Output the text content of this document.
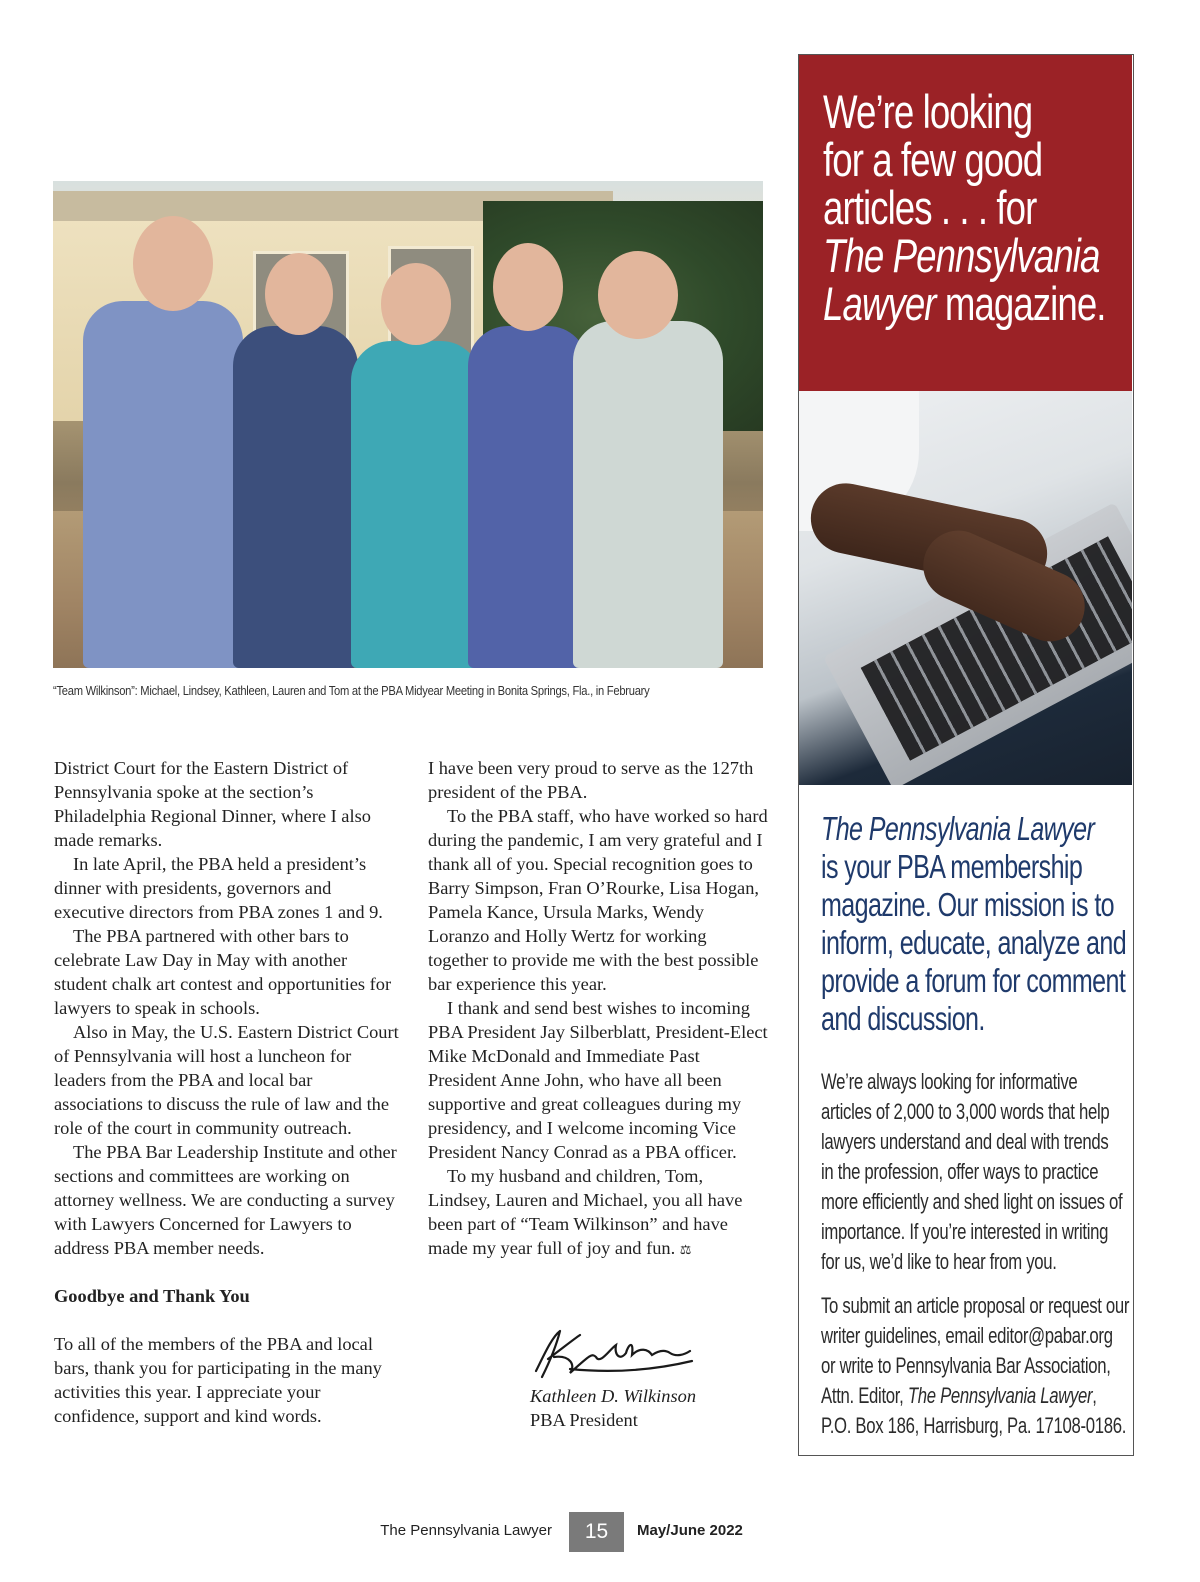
“Team Wilkinson”: Michael, Lindsey, Kathleen, Lauren and Tom at the PBA Midyear Meeting in Bonita Springs, Fla., in February

District Court for the Eastern District of Pennsylvania spoke at the section’s Philadelphia Regional Dinner, where I also made remarks.

In late April, the PBA held a president’s dinner with presidents, governors and executive directors from PBA zones 1 and 9.

The PBA partnered with other bars to celebrate Law Day in May with another student chalk art contest and opportunities for lawyers to speak in schools.

Also in May, the U.S. Eastern District Court of Pennsylvania will host a luncheon for leaders from the PBA and local bar associations to discuss the rule of law and the role of the court in community outreach.

The PBA Bar Leadership Institute and other sections and committees are working on attorney wellness. We are conducting a survey with Lawyers Concerned for Lawyers to address PBA member needs.

Goodbye and Thank You

To all of the members of the PBA and local bars, thank you for participating in the many activities this year. I appreciate your confidence, support and kind words.

I have been very proud to serve as the 127th president of the PBA.

To the PBA staff, who have worked so hard during the pandemic, I am very grateful and I thank all of you. Special recognition goes to Barry Simpson, Fran O’Rourke, Lisa Hogan, Pamela Kance, Ursula Marks, Wendy Loranzo and Holly Wertz for working together to provide me with the best possible bar experience this year.

I thank and send best wishes to incoming PBA President Jay Silberblatt, President-Elect Mike McDonald and Immediate Past President Anne John, who have all been supportive and great colleagues during my presidency, and I welcome incoming Vice President Nancy Conrad as a PBA officer.

To my husband and children, Tom, Lindsey, Lauren and Michael, you all have been part of “Team Wilkinson” and have made my year full of joy and fun. ⚖

Kathleen D. Wilkinson
PBA President
We’re looking
for a few good
articles . . . for
The Pennsylvania
Lawyer magazine.
The Pennsylvania Lawyer
is your PBA membership
magazine. Our mission is to
inform, educate, analyze and
provide a forum for comment
and discussion.
We’re always looking for informative
articles of 2,000 to 3,000 words that help
lawyers understand and deal with trends
in the profession, offer ways to practice
more efficiently and shed light on issues of
importance. If you’re interested in writing
for us, we’d like to hear from you.
To submit an article proposal or request our
writer guidelines, email editor@pabar.org
or write to Pennsylvania Bar Association,
Attn. Editor, The Pennsylvania Lawyer,
P.O. Box 186, Harrisburg, Pa. 17108-0186.
The Pennsylvania Lawyer	15	May/June 2022
